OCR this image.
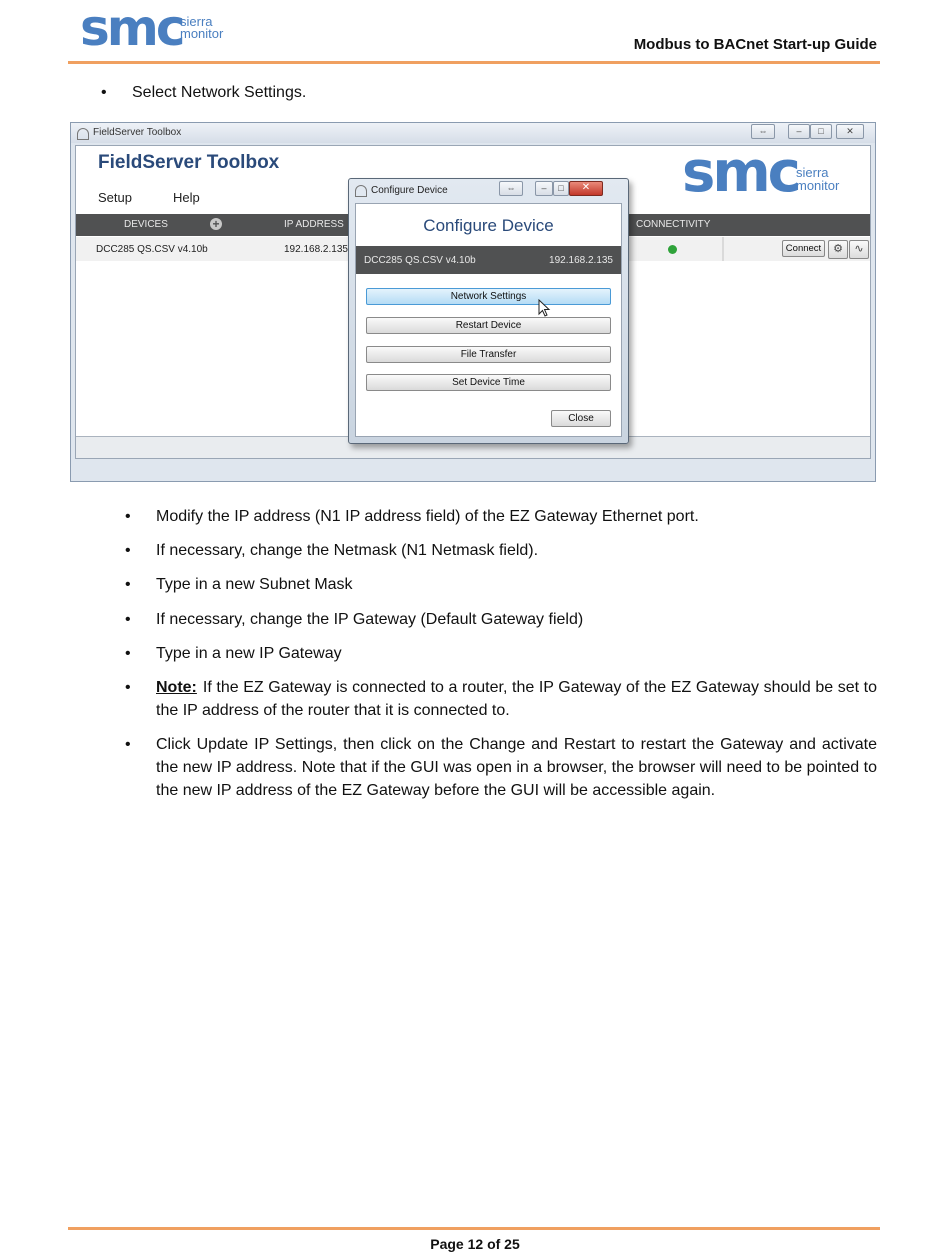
smc
sierra
monitor
Modbus to BACnet Start-up Guide
• Select Network Settings.
FieldServer Toolbox	⇔	–	□	✕
FieldServer Toolbox
Setup	Help	smc
sierra
monitor
DEVICES	+	IP ADDRESS	CONNECTIVITY
DCC285 QS.CSV v4.10b	192.168.2.135	Connect	⚙	∿
Configure Device	⇔	–	□	✕
Configure Device
DCC285 QS.CSV v4.10b	192.168.2.135
Network Settings
Restart Device
File Transfer
Set Device Time
Close
• Modify the IP address (N1 IP address field) of the EZ Gateway Ethernet port.
• If necessary, change the Netmask (N1 Netmask field).
• Type in a new Subnet Mask
• If necessary, change the IP Gateway (Default Gateway field)
• Type in a new IP Gateway
• Note: If the EZ Gateway is connected to a router, the IP Gateway of the EZ Gateway should be set to the IP address of the router that it is connected to.
• Click Update IP Settings, then click on the Change and Restart to restart the Gateway and activate the new IP address. Note that if the GUI was open in a browser, the browser will need to be pointed to the new IP address of the EZ Gateway before the GUI will be accessible again.
Page 12 of 25
